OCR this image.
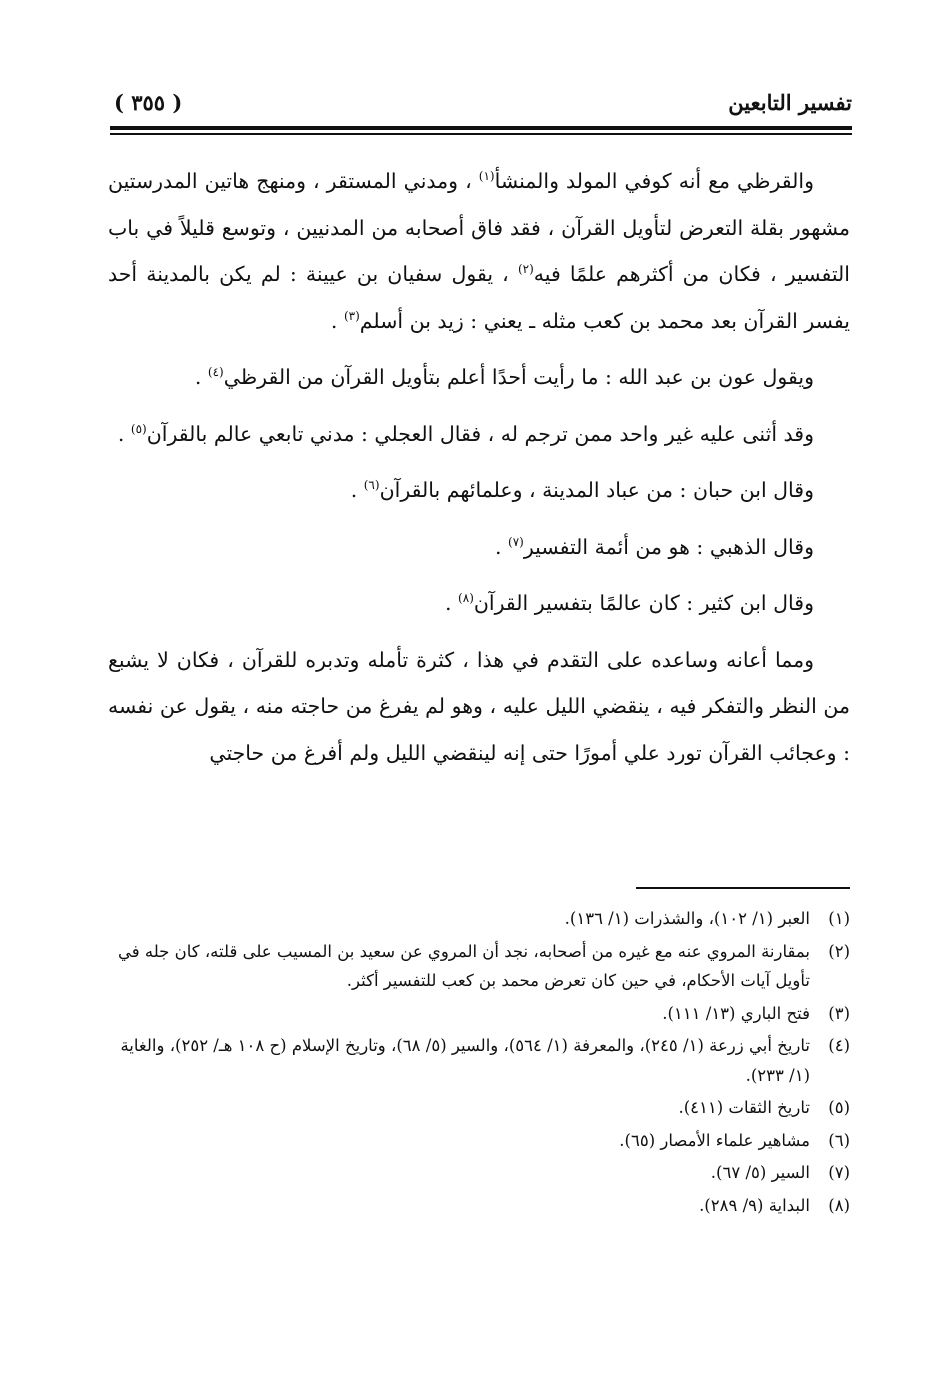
تفسير التابعين
( ٣٥٥ )

والقرظي مع أنه كوفي المولد والمنشأ$^{(١)}$ ، ومدني المستقر ، ومنهج هاتين المدرستين مشهور بقلة التعرض لتأويل القرآن ، فقد فاق أصحابه من المدنيين ، وتوسع قليلاً في باب التفسير ، فكان من أكثرهم علمًا فيه$^{(٢)}$ ، يقول سفيان بن عيينة : لم يكن بالمدينة أحد يفسر القرآن بعد محمد بن كعب مثله ـ يعني : زيد بن أسلم$^{(٣)}$ .

ويقول عون بن عبد الله : ما رأيت أحدًا أعلم بتأويل القرآن من القرظي$^{(٤)}$ .

وقد أثنى عليه غير واحد ممن ترجم له ، فقال العجلي : مدني تابعي عالم بالقرآن$^{(٥)}$ .

وقال ابن حبان : من عباد المدينة ، وعلمائهم بالقرآن$^{(٦)}$ .

وقال الذهبي : هو من أئمة التفسير$^{(٧)}$ .

وقال ابن كثير : كان عالمًا بتفسير القرآن$^{(٨)}$ .

ومما أعانه وساعده على التقدم في هذا ، كثرة تأمله وتدبره للقرآن ، فكان لا يشبع من النظر والتفكر فيه ، ينقضي الليل عليه ، وهو لم يفرغ من حاجته منه ، يقول عن نفسه : وعجائب القرآن تورد علي أمورًا حتى إنه لينقضي الليل ولم أفرغ من حاجتي

(١)
العبر (١/ ١٠٢)، والشذرات (١/ ١٣٦).
(٢)
بمقارنة المروي عنه مع غيره من أصحابه، نجد أن المروي عن سعيد بن المسيب على قلته، كان جله في تأويل آيات الأحكام، في حين كان تعرض محمد بن كعب للتفسير أكثر.
(٣)
فتح الباري (١٣/ ١١١).
(٤)
تاريخ أبي زرعة (١/ ٢٤٥)، والمعرفة (١/ ٥٦٤)، والسير (٥/ ٦٨)، وتاريخ الإسلام (ح ١٠٨ هـ/ ٢٥٢)، والغاية (١/ ٢٣٣).
(٥)
تاريخ الثقات (٤١١).
(٦)
مشاهير علماء الأمصار (٦٥).
(٧)
السير (٥/ ٦٧).
(٨)
البداية (٩/ ٢٨٩).
